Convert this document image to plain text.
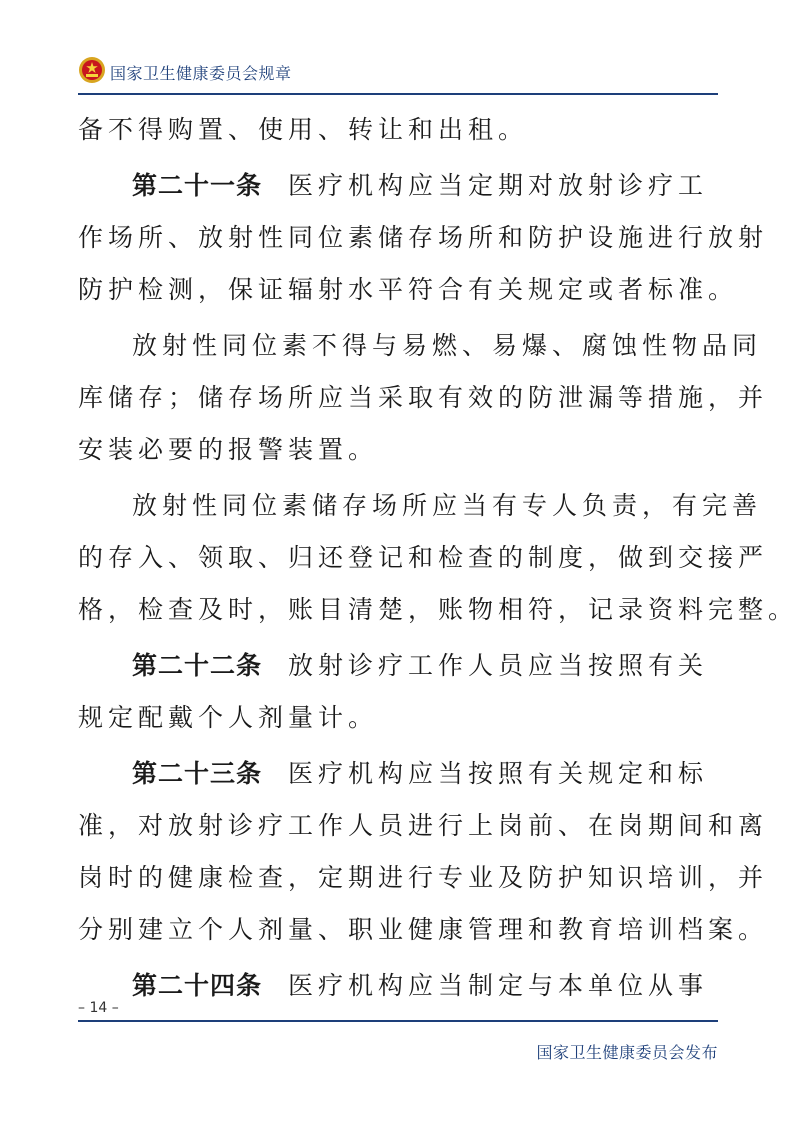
国家卫生健康委员会规章
备不得购置、使用、转让和出租。
第二十一条 医疗机构应当定期对放射诊疗工
作场所、放射性同位素储存场所和防护设施进行放射
防护检测，保证辐射水平符合有关规定或者标准。
放射性同位素不得与易燃、易爆、腐蚀性物品同
库储存；储存场所应当采取有效的防泄漏等措施，并
安装必要的报警装置。
放射性同位素储存场所应当有专人负责，有完善
的存入、领取、归还登记和检查的制度，做到交接严
格，检查及时，账目清楚，账物相符，记录资料完整。
第二十二条 放射诊疗工作人员应当按照有关
规定配戴个人剂量计。
第二十三条 医疗机构应当按照有关规定和标
准，对放射诊疗工作人员进行上岗前、在岗期间和离
岗时的健康检查，定期进行专业及防护知识培训，并
分别建立个人剂量、职业健康管理和教育培训档案。
第二十四条 医疗机构应当制定与本单位从事
– 14 –
国家卫生健康委员会发布
